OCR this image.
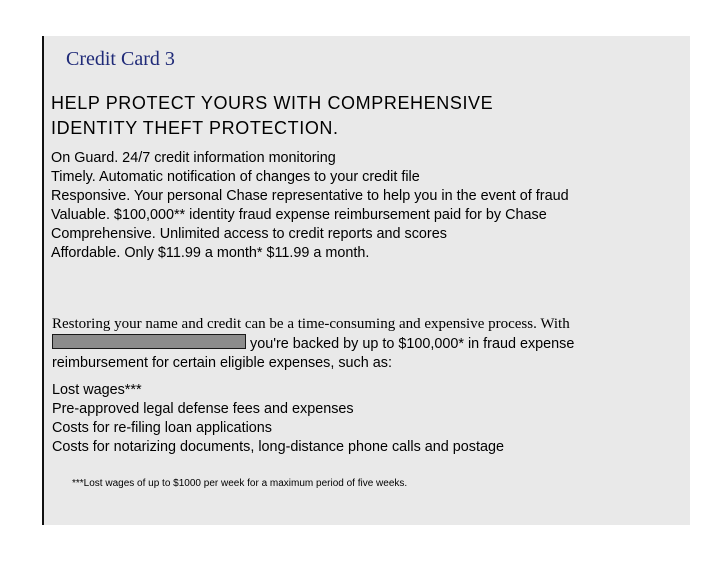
Credit Card 3
HELP PROTECT YOURS WITH COMPREHENSIVE
IDENTITY THEFT PROTECTION.
On Guard. 24/7 credit information monitoring
Timely. Automatic notification of changes to your credit file
Responsive. Your personal Chase representative to help you in the event of fraud
Valuable. $100,000** identity fraud expense reimbursement paid for by Chase
Comprehensive. Unlimited access to credit reports and scores
Affordable. Only $11.99 a month* $11.99 a month.
Restoring your name and credit can be a time-consuming and expensive process. With
you're backed by up to $100,000* in fraud expense
reimbursement for certain eligible expenses, such as:
Lost wages***
Pre-approved legal defense fees and expenses
Costs for re-filing loan applications
Costs for notarizing documents, long-distance phone calls and postage
***Lost wages of up to $1000 per week for a maximum period of five weeks.
